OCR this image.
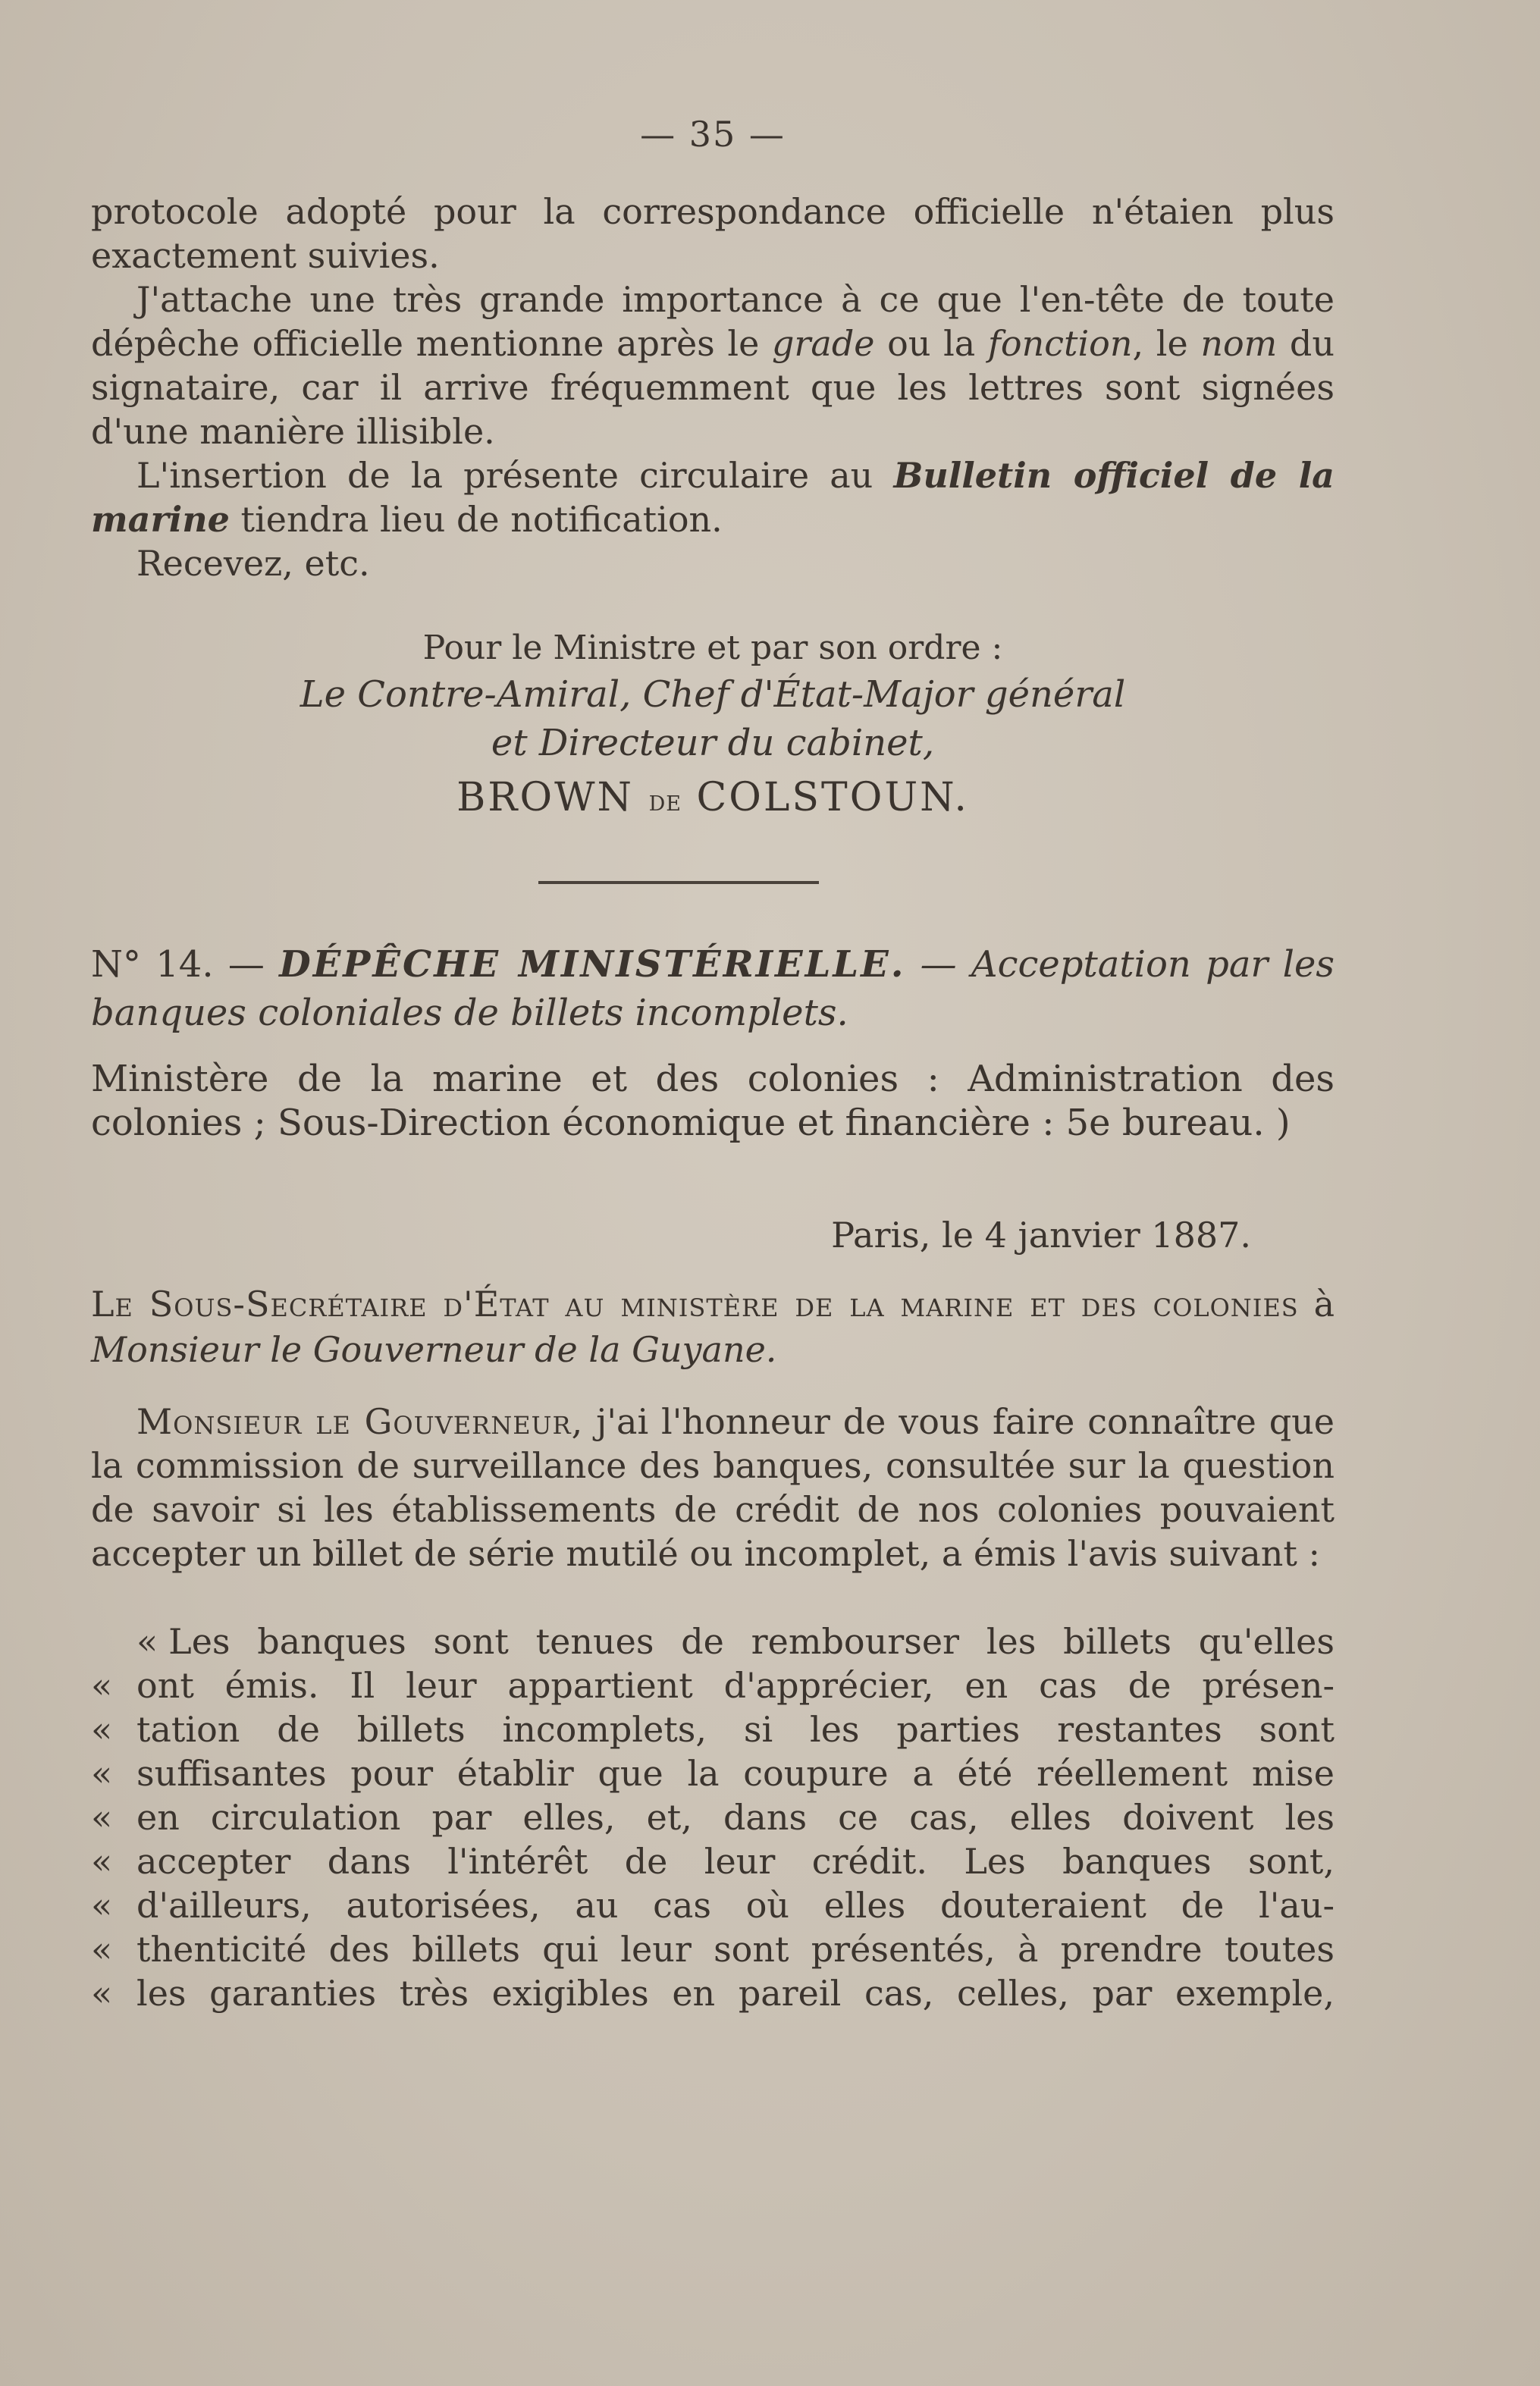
— 35 —

protocole adopté pour la correspondance officielle n'étaien plus exactement suivies.

J'attache une très grande importance à ce que l'en-tête de toute dépêche officielle mentionne après le grade ou la fonction, le nom du signataire, car il arrive fréquemment que les lettres sont signées d'une manière illisible.

L'insertion de la présente circulaire au Bulletin officiel de la marine tiendra lieu de notification.

Recevez, etc.

Pour le Ministre et par son ordre :

Le Contre-Amiral, Chef d'État-Major général

et Directeur du cabinet,

BROWN de COLSTOUN.

N° 14. — DÉPÊCHE MINISTÉRIELLE. — Acceptation par les banques coloniales de billets incomplets.

Ministère de la marine et des colonies : Administration des colonies ; Sous-Direction économique et financière : 5e bureau. )

Paris, le 4 janvier 1887.

Le Sous-Secrétaire d'État au ministère de la marine et des colonies à Monsieur le Gouverneur de la Guyane.

Monsieur le Gouverneur, j'ai l'honneur de vous faire connaître que la commission de surveillance des banques, consultée sur la question de savoir si les établissements de crédit de nos colonies pouvaient accepter un billet de série mutilé ou incomplet, a émis l'avis suivant :

« Les banques sont tenues de rembourser les billets qu'elles
« ont émis. Il leur appartient d'apprécier, en cas de présen-
« tation de billets incomplets, si les parties restantes sont
« suffisantes pour établir que la coupure a été réellement mise
« en circulation par elles, et, dans ce cas, elles doivent les
« accepter dans l'intérêt de leur crédit. Les banques sont,
« d'ailleurs, autorisées, au cas où elles douteraient de l'au-
« thenticité des billets qui leur sont présentés, à prendre toutes
« les garanties très exigibles en pareil cas, celles, par exemple,
